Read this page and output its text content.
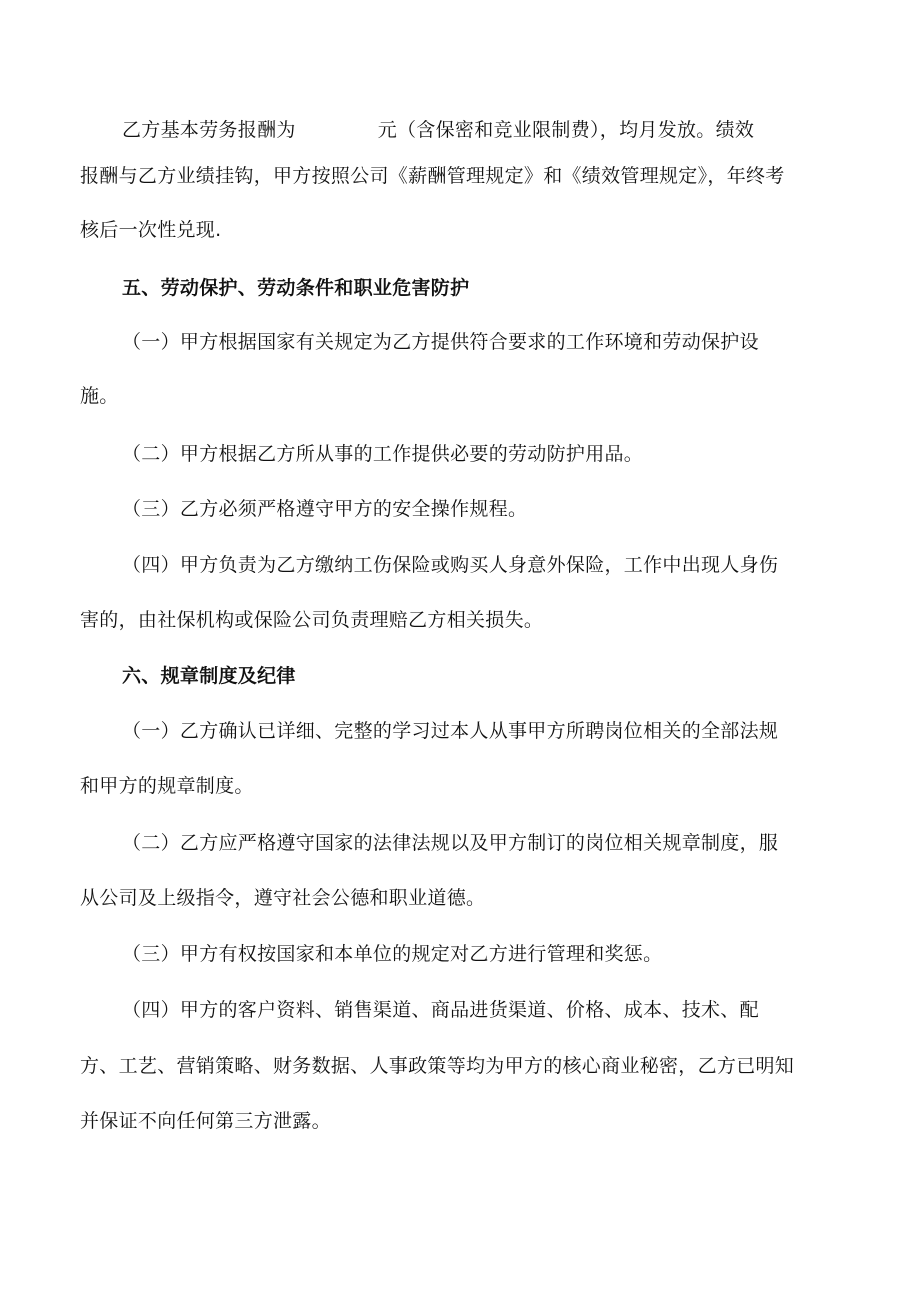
乙方基本劳务报酬为	元（含保密和竞业限制费），均月发放。绩效
报酬与乙方业绩挂钩，甲方按照公司《薪酬管理规定》和《绩效管理规定》，年终考
核后一次性兑现.
五、劳动保护、劳动条件和职业危害防护
（一）甲方根据国家有关规定为乙方提供符合要求的工作环境和劳动保护设
施。
（二）甲方根据乙方所从事的工作提供必要的劳动防护用品。
（三）乙方必须严格遵守甲方的安全操作规程。
（四）甲方负责为乙方缴纳工伤保险或购买人身意外保险，工作中出现人身伤
害的，由社保机构或保险公司负责理赔乙方相关损失。
六、规章制度及纪律
（一）乙方确认已详细、完整的学习过本人从事甲方所聘岗位相关的全部法规
和甲方的规章制度。
（二）乙方应严格遵守国家的法律法规以及甲方制订的岗位相关规章制度，服
从公司及上级指令，遵守社会公德和职业道德。
（三）甲方有权按国家和本单位的规定对乙方进行管理和奖惩。
（四）甲方的客户资料、销售渠道、商品进货渠道、价格、成本、技术、配
方、工艺、营销策略、财务数据、人事政策等均为甲方的核心商业秘密，乙方已明知
并保证不向任何第三方泄露。
